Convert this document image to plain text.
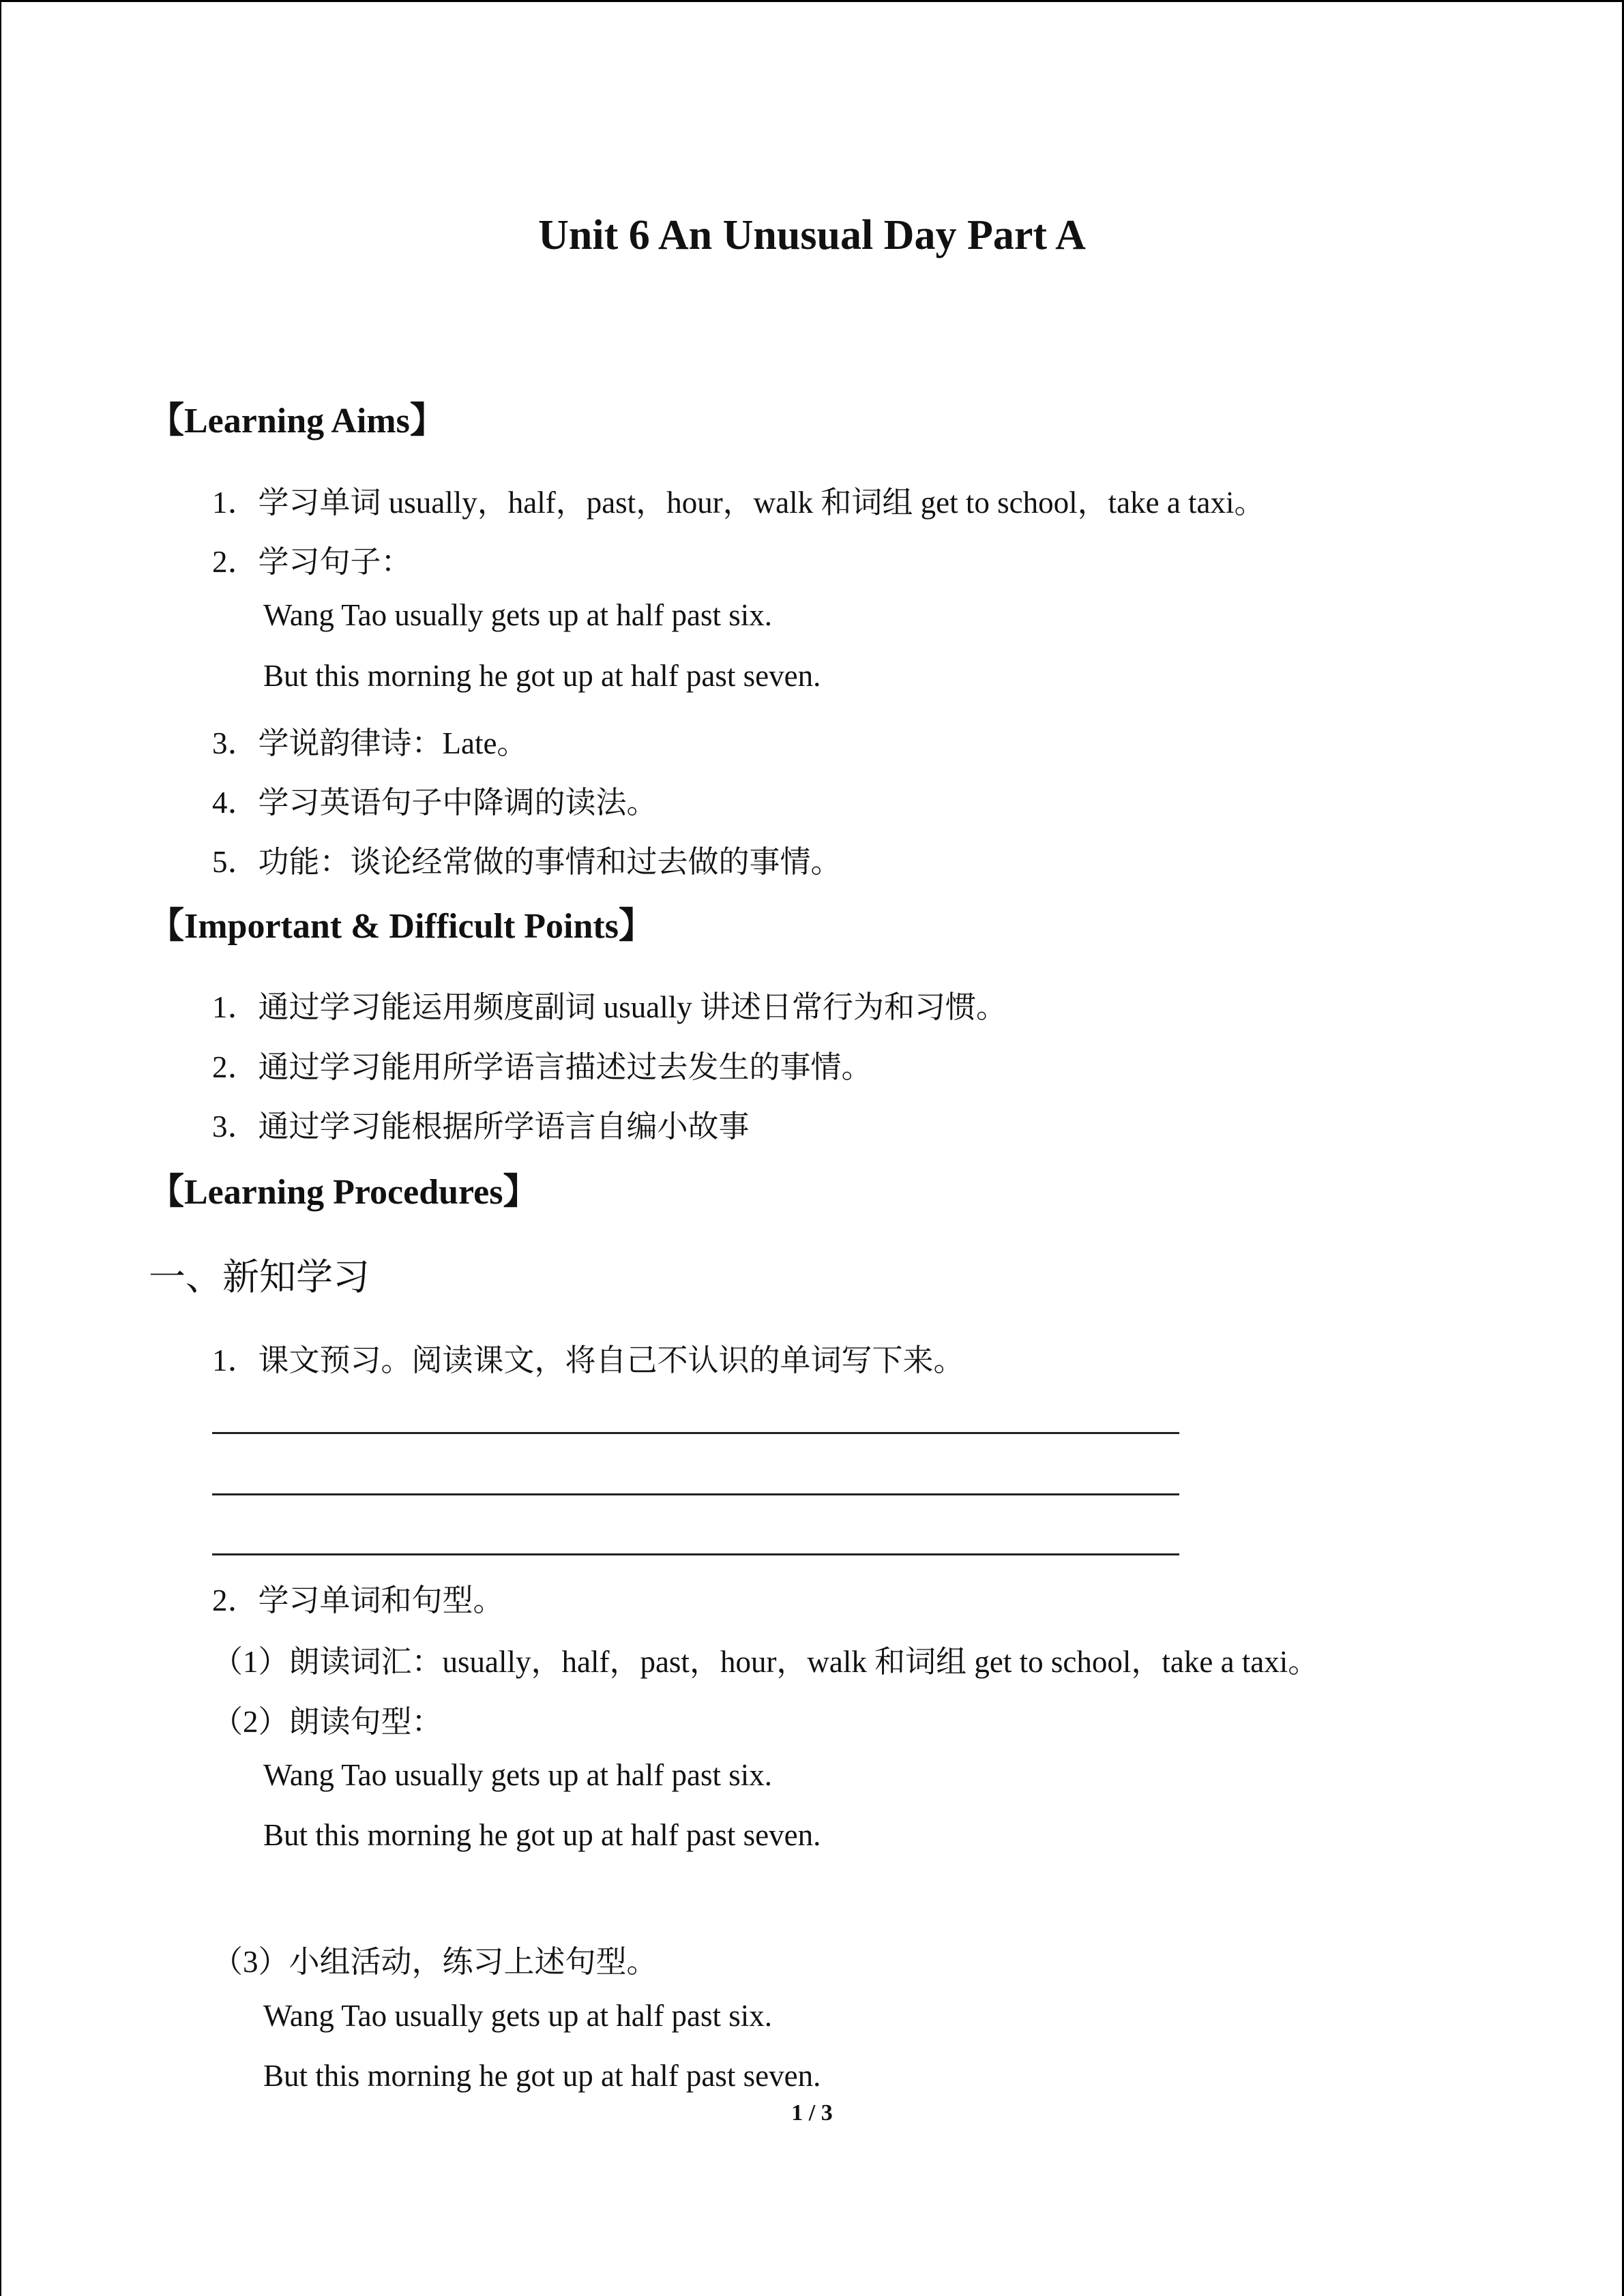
Unit 6 An Unusual Day Part A
【Learning Aims】
1．学习单词 usually，half，past，hour，walk 和词组 get to school，take a taxi。
2．学习句子：
Wang Tao usually gets up at half past six.
But this morning he got up at half past seven.
3．学说韵律诗：Late。
4．学习英语句子中降调的读法。
5．功能：谈论经常做的事情和过去做的事情。
【Important & Difficult Points】
1．通过学习能运用频度副词 usually 讲述日常行为和习惯。
2．通过学习能用所学语言描述过去发生的事情。
3．通过学习能根据所学语言自编小故事
【Learning Procedures】
一、新知学习
1．课文预习。阅读课文，将自己不认识的单词写下来。
2．学习单词和句型。
（1）朗读词汇：usually，half，past，hour，walk 和词组 get to school，take a taxi。
（2）朗读句型：
Wang Tao usually gets up at half past six.
But this morning he got up at half past seven.
（3）小组活动，练习上述句型。
Wang Tao usually gets up at half past six.
But this morning he got up at half past seven.
1 / 3
